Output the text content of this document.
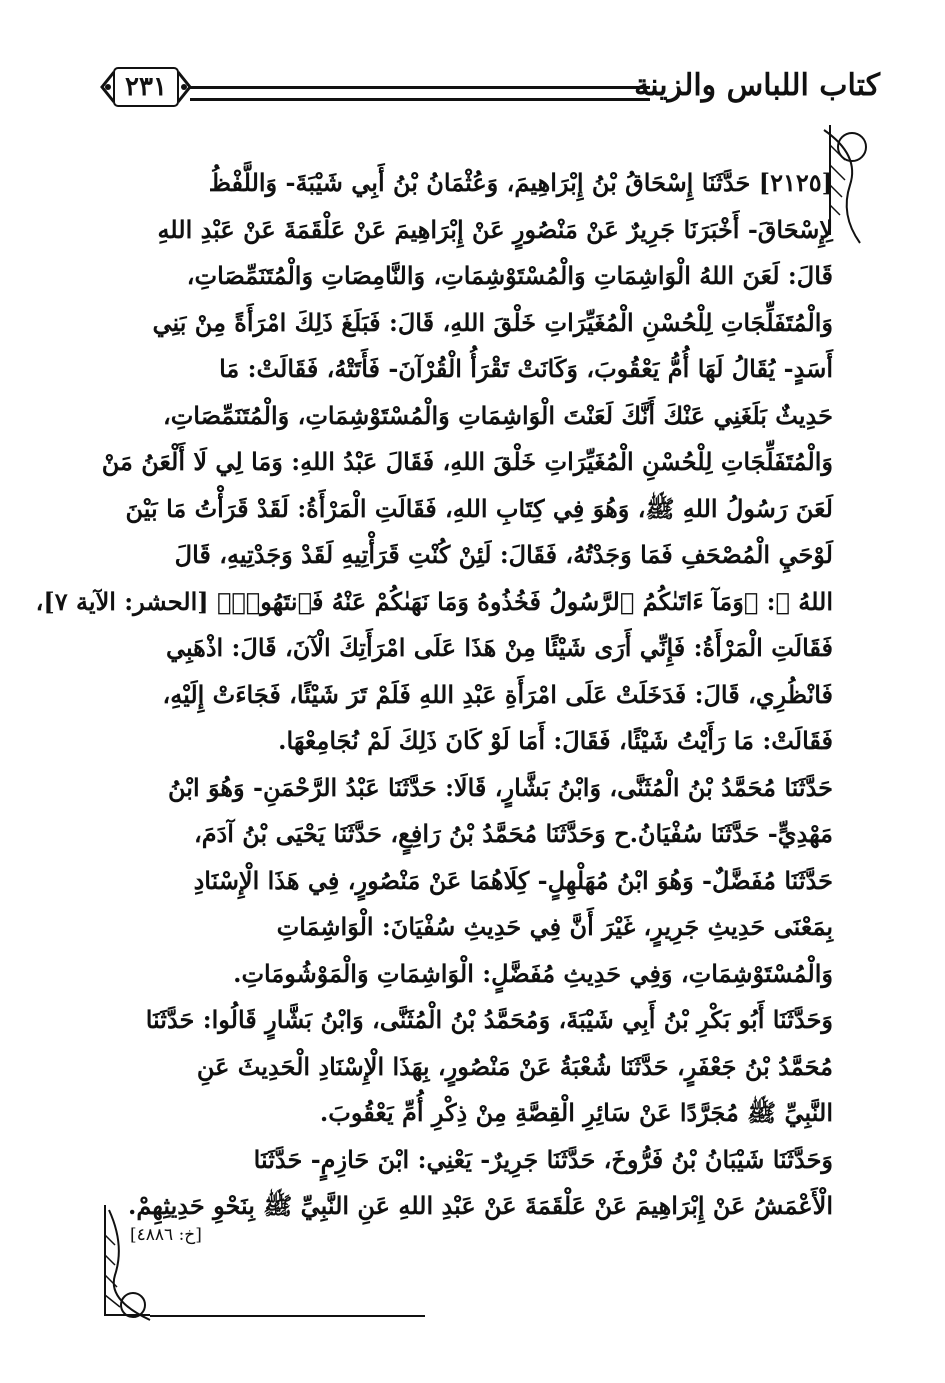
كتاب اللباس والزينة
٢٣١
[٢١٢٥] حَدَّثَنَا إِسْحَاقُ بْنُ إِبْرَاهِيمَ، وَعُثْمَانُ بْنُ أَبِي شَيْبَةَ- وَاللَّفْظُ
لِإِسْحَاقَ- أَخْبَرَنَا جَرِيرٌ عَنْ مَنْصُورٍ عَنْ إِبْرَاهِيمَ عَنْ عَلْقَمَةَ عَنْ عَبْدِ اللهِ
قَالَ: لَعَنَ اللهُ الْوَاشِمَاتِ وَالْمُسْتَوْشِمَاتِ، وَالنَّامِصَاتِ وَالْمُتَنَمِّصَاتِ،
وَالْمُتَفَلِّجَاتِ لِلْحُسْنِ الْمُغَيِّرَاتِ خَلْقَ اللهِ، قَالَ: فَبَلَغَ ذَلِكَ امْرَأَةً مِنْ بَنِي
أَسَدٍ- يُقَالُ لَهَا أُمُّ يَعْقُوبَ، وَكَانَتْ تَقْرَأُ الْقُرْآنَ- فَأَتَتْهُ، فَقَالَتْ: مَا
حَدِيثٌ بَلَغَنِي عَنْكَ أَنَّكَ لَعَنْتَ الْوَاشِمَاتِ وَالْمُسْتَوْشِمَاتِ، وَالْمُتَنَمِّصَاتِ،
وَالْمُتَفَلِّجَاتِ لِلْحُسْنِ الْمُغَيِّرَاتِ خَلْقَ اللهِ، فَقَالَ عَبْدُ اللهِ: وَمَا لِي لَا أَلْعَنُ مَنْ
لَعَنَ رَسُولُ اللهِ ﷺ، وَهُوَ فِي كِتَابِ اللهِ، فَقَالَتِ الْمَرْأَةُ: لَقَدْ قَرَأْتُ مَا بَيْنَ
لَوْحَيِ الْمُصْحَفِ فَمَا وَجَدْتُهُ، فَقَالَ: لَئِنْ كُنْتِ قَرَأْتِيهِ لَقَدْ وَجَدْتِيهِ، قَالَ
اللهُ ﷻ: ﴿وَمَآ ءَاتَىٰكُمُ ٱلرَّسُولُ فَخُذُوهُ وَمَا نَهَىٰكُمْ عَنْهُ فَٱنتَهُوا۟﴾ [الحشر: الآية ٧]،
فَقَالَتِ الْمَرْأَةُ: فَإِنِّي أَرَى شَيْئًا مِنْ هَذَا عَلَى امْرَأَتِكَ الْآنَ، قَالَ: اذْهَبِي
فَانْظُرِي، قَالَ: فَدَخَلَتْ عَلَى امْرَأَةِ عَبْدِ اللهِ فَلَمْ تَرَ شَيْئًا، فَجَاءَتْ إِلَيْهِ،
فَقَالَتْ: مَا رَأَيْتُ شَيْئًا، فَقَالَ: أَمَا لَوْ كَانَ ذَلِكَ لَمْ نُجَامِعْهَا.
حَدَّثَنَا مُحَمَّدُ بْنُ الْمُثَنَّى، وَابْنُ بَشَّارٍ، قَالَا: حَدَّثَنَا عَبْدُ الرَّحْمَنِ- وَهُوَ ابْنُ
مَهْدِيٍّ- حَدَّثَنَا سُفْيَانُ.ح وَحَدَّثَنَا مُحَمَّدُ بْنُ رَافِعٍ، حَدَّثَنَا يَحْيَى بْنُ آدَمَ،
حَدَّثَنَا مُفَضَّلٌ- وَهُوَ ابْنُ مُهَلْهِلٍ- كِلَاهُمَا عَنْ مَنْصُورٍ، فِي هَذَا الْإِسْنَادِ
بِمَعْنَى حَدِيثِ جَرِيرٍ، غَيْرَ أَنَّ فِي حَدِيثِ سُفْيَانَ: الْوَاشِمَاتِ
وَالْمُسْتَوْشِمَاتِ، وَفِي حَدِيثِ مُفَضَّلٍ: الْوَاشِمَاتِ وَالْمَوْشُومَاتِ.
وَحَدَّثَنَا أَبُو بَكْرِ بْنُ أَبِي شَيْبَةَ، وَمُحَمَّدُ بْنُ الْمُثَنَّى، وَابْنُ بَشَّارٍ قَالُوا: حَدَّثَنَا
مُحَمَّدُ بْنُ جَعْفَرٍ، حَدَّثَنَا شُعْبَةُ عَنْ مَنْصُورٍ، بِهَذَا الْإِسْنَادِ الْحَدِيثَ عَنِ
النَّبِيِّ ﷺ مُجَرَّدًا عَنْ سَائِرِ الْقِصَّةِ مِنْ ذِكْرِ أُمِّ يَعْقُوبَ.
وَحَدَّثَنَا شَيْبَانُ بْنُ فَرُّوخَ، حَدَّثَنَا جَرِيرٌ- يَعْنِي: ابْنَ حَازِمٍ- حَدَّثَنَا
الْأَعْمَشُ عَنْ إِبْرَاهِيمَ عَنْ عَلْقَمَةَ عَنْ عَبْدِ اللهِ عَنِ النَّبِيِّ ﷺ بِنَحْوِ حَدِيثِهِمْ.
[خ: ٤٨٨٦]
